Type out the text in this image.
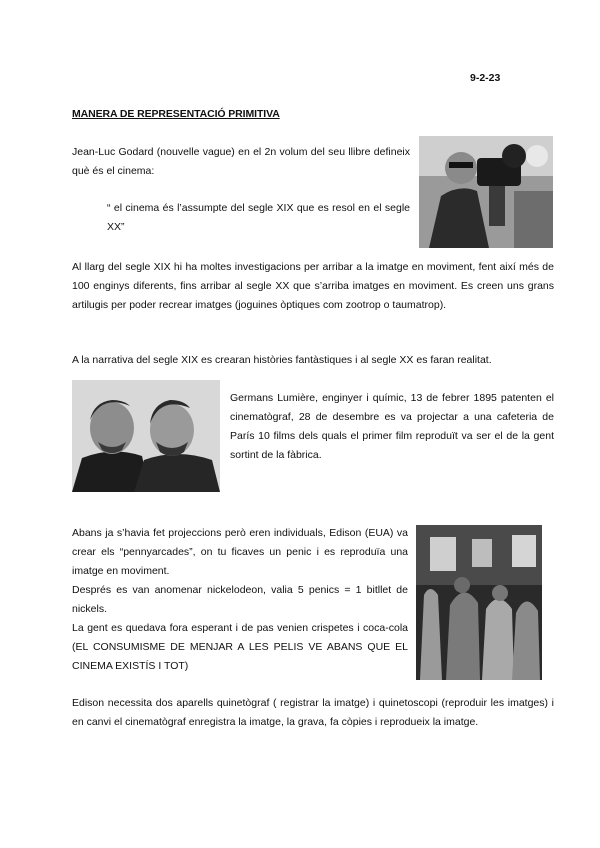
9-2-23
MANERA DE REPRESENTACIÓ PRIMITIVA

Jean-Luc Godard (nouvelle vague) en el 2n volum del seu llibre defineix què és el cinema:

“ el cinema és l’assumpte del segle XIX que es resol en el segle XX”

Al llarg del segle XIX hi ha moltes investigacions per arribar a la imatge en moviment, fent així més de 100 enginys diferents, fins arribar al segle XX que s’arriba imatges en moviment. Es creen uns grans artilugis per poder recrear imatges (joguines òptiques com zootrop o taumatrop).

A la narrativa del segle XIX es crearan històries fantàstiques i al segle XX es faran realitat.

Germans Lumière, enginyer i químic, 13 de febrer 1895 patenten el cinematògraf, 28 de desembre es va projectar a una cafeteria de París 10 films dels quals el primer film reproduït va ser el de la gent sortint de la fàbrica.

Abans ja s’havia fet projeccions però eren individuals, Edison (EUA) va crear els “pennyarcades”, on tu ficaves un penic i es reproduïa una imatge en moviment.

Després es van anomenar nickelodeon, valia 5 penics = 1 bitllet de nickels.

La gent es quedava fora esperant i de pas venien crispetes i coca-cola (EL CONSUMISME DE MENJAR A LES PELIS VE ABANS QUE EL CINEMA EXISTÍS I TOT)

Edison necessita dos aparells quinetògraf ( registrar la imatge) i quinetoscopi (reproduir les imatges) i en canvi el cinematògraf enregistra la imatge, la grava, fa còpies i reprodueix la imatge.
